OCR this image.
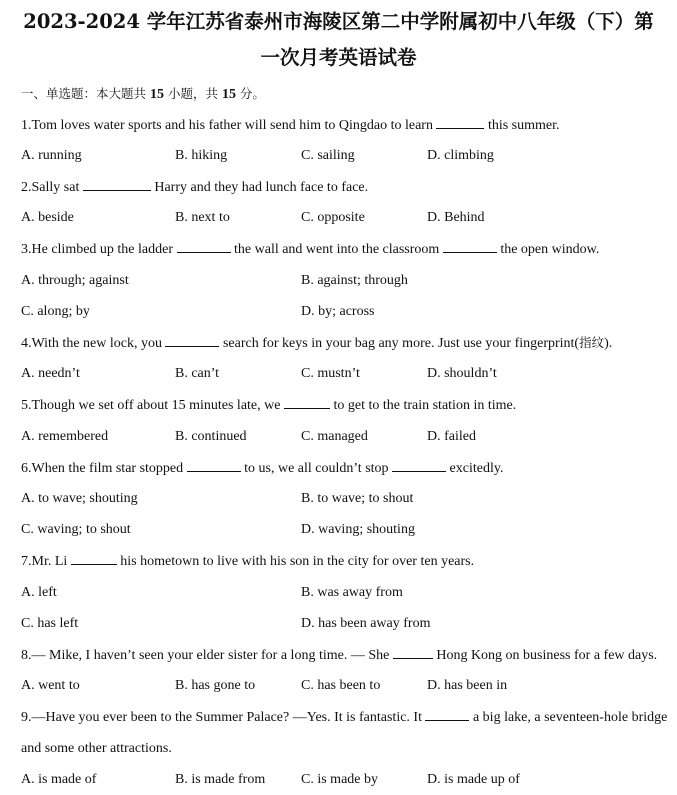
2023-2024 学年江苏省泰州市海陵区第二中学附属初中八年级（下）第
一次月考英语试卷
一、单选题：本大题共 15 小题，共 15 分。
1.Tom loves water sports and his father will send him to Qingdao to learn	this summer.
A. running	B. hiking	C. sailing	D. climbing
2.Sally sat	Harry and they had lunch face to face.
A. beside	B. next to	C. opposite	D. Behind
3.He climbed up the ladder	the wall and went into the classroom	the open window.
A. through; against	B. against; through
C. along; by	D. by; across
4.With the new lock, you	search for keys in your bag any more. Just use your fingerprint(指纹).
A. needn’t	B. can’t	C. mustn’t	D. shouldn’t
5.Though we set off about 15 minutes late, we	to get to the train station in time.
A. remembered	B. continued	C. managed	D. failed
6.When the film star stopped	to us, we all couldn’t stop	excitedly.
A. to wave; shouting	B. to wave; to shout
C. waving; to shout	D. waving; shouting
7.Mr. Li	his hometown to live with his son in the city for over ten years.
A. left	B. was away from
C. has left	D. has been away from
8.— Mike, I haven’t seen your elder sister for a long time. — She	Hong Kong on business for a few days.
A. went to	B. has gone to	C. has been to	D. has been in
9.—Have you ever been to the Summer Palace? —Yes. It is fantastic. It	a big lake, a seventeen-hole bridge
and some other attractions.
A. is made of	B. is made from	C. is made by	D. is made up of
